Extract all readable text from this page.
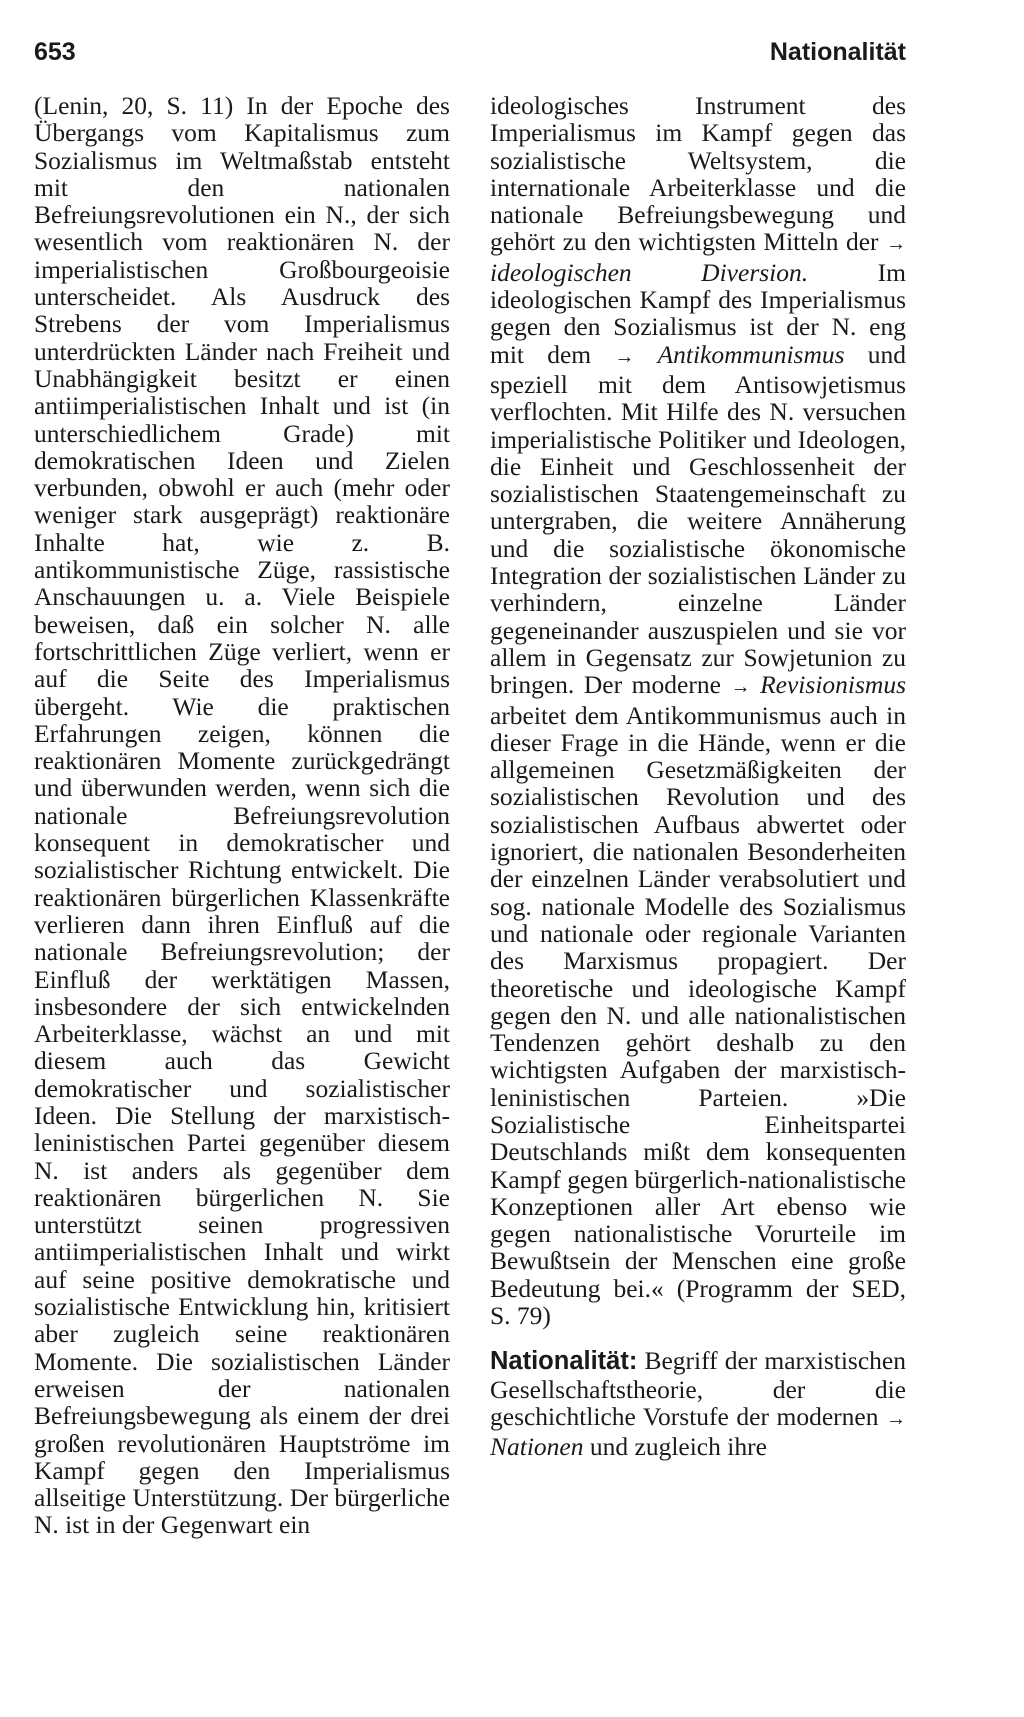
653	Nationalität

(Lenin, 20, S. 11) In der Epoche des Übergangs vom Kapitalismus zum Sozialismus im Weltmaßstab entsteht mit den nationalen Befreiungsrevolutionen ein N., der sich wesentlich vom reaktionären N. der imperialistischen Großbourgeoisie unterscheidet. Als Ausdruck des Strebens der vom Imperialismus unterdrückten Länder nach Freiheit und Unabhängigkeit besitzt er einen antiimperialistischen Inhalt und ist (in unterschiedlichem Grade) mit demokratischen Ideen und Zielen verbunden, obwohl er auch (mehr oder weniger stark ausgeprägt) reaktionäre Inhalte hat, wie z. B. antikommunistische Züge, rassistische Anschauungen u. a. Viele Beispiele beweisen, daß ein solcher N. alle fortschrittlichen Züge verliert, wenn er auf die Seite des Imperialismus übergeht. Wie die praktischen Erfahrungen zeigen, können die reaktionären Momente zurückgedrängt und überwunden werden, wenn sich die nationale Befreiungsrevolution konsequent in demokratischer und sozialistischer Richtung entwickelt. Die reaktionären bürgerlichen Klassenkräfte verlieren dann ihren Einfluß auf die nationale Befreiungsrevolution; der Einfluß der werktätigen Massen, insbesondere der sich entwickelnden Arbeiterklasse, wächst an und mit diesem auch das Gewicht demokratischer und sozialistischer Ideen. Die Stellung der marxistisch-leninistischen Partei gegenüber diesem N. ist anders als gegenüber dem reaktionären bürgerlichen N. Sie unterstützt seinen progressiven antiimperialistischen Inhalt und wirkt auf seine positive demokratische und sozialistische Entwicklung hin, kritisiert aber zugleich seine reaktionären Momente. Die sozialistischen Länder erweisen der nationalen Befreiungsbewegung als einem der drei großen revolutionären Hauptströme im Kampf gegen den Imperialismus allseitige Unterstützung. Der bürgerliche N. ist in der Gegenwart ein

ideologisches Instrument des Imperialismus im Kampf gegen das sozialistische Weltsystem, die internationale Arbeiterklasse und die nationale Befreiungsbewegung und gehört zu den wichtigsten Mitteln der → ideologischen Diversion.	Im ideologischen Kampf des Imperialismus gegen den Sozialismus ist der N. eng mit dem → Antikommunismus und speziell mit dem Antisowjetismus verflochten. Mit Hilfe des N. versuchen imperialistische Politiker und Ideologen, die Einheit und Geschlossenheit der sozialistischen Staatengemeinschaft zu untergraben, die weitere Annäherung und die sozialistische ökonomische Integration der sozialistischen Länder zu verhindern, einzelne Länder gegeneinander auszuspielen und sie vor allem in Gegensatz zur Sowjetunion zu bringen. Der moderne → Revisionismus arbeitet dem Antikommunismus auch in dieser Frage in die Hände, wenn er die allgemeinen Gesetzmäßigkeiten der sozialistischen Revolution und des sozialistischen Aufbaus abwertet oder ignoriert, die nationalen Besonderheiten der einzelnen Länder verabsolutiert und sog. nationale Modelle des Sozialismus und nationale oder regionale Varianten des Marxismus propagiert. Der theoretische und ideologische Kampf gegen den N. und alle nationalistischen Tendenzen gehört deshalb zu den wichtigsten Aufgaben der marxistisch-leninistischen Parteien. »Die Sozialistische Einheitspartei Deutschlands mißt dem konsequenten Kampf gegen bürgerlich-nationalistische Konzeptionen aller Art ebenso wie gegen nationalistische Vorurteile im Bewußtsein der Menschen eine große Bedeutung bei.« (Programm der SED, S. 79)

Nationalität: Begriff der marxistischen Gesellschaftstheorie, der die geschichtliche Vorstufe der modernen → Nationen und zugleich ihre
